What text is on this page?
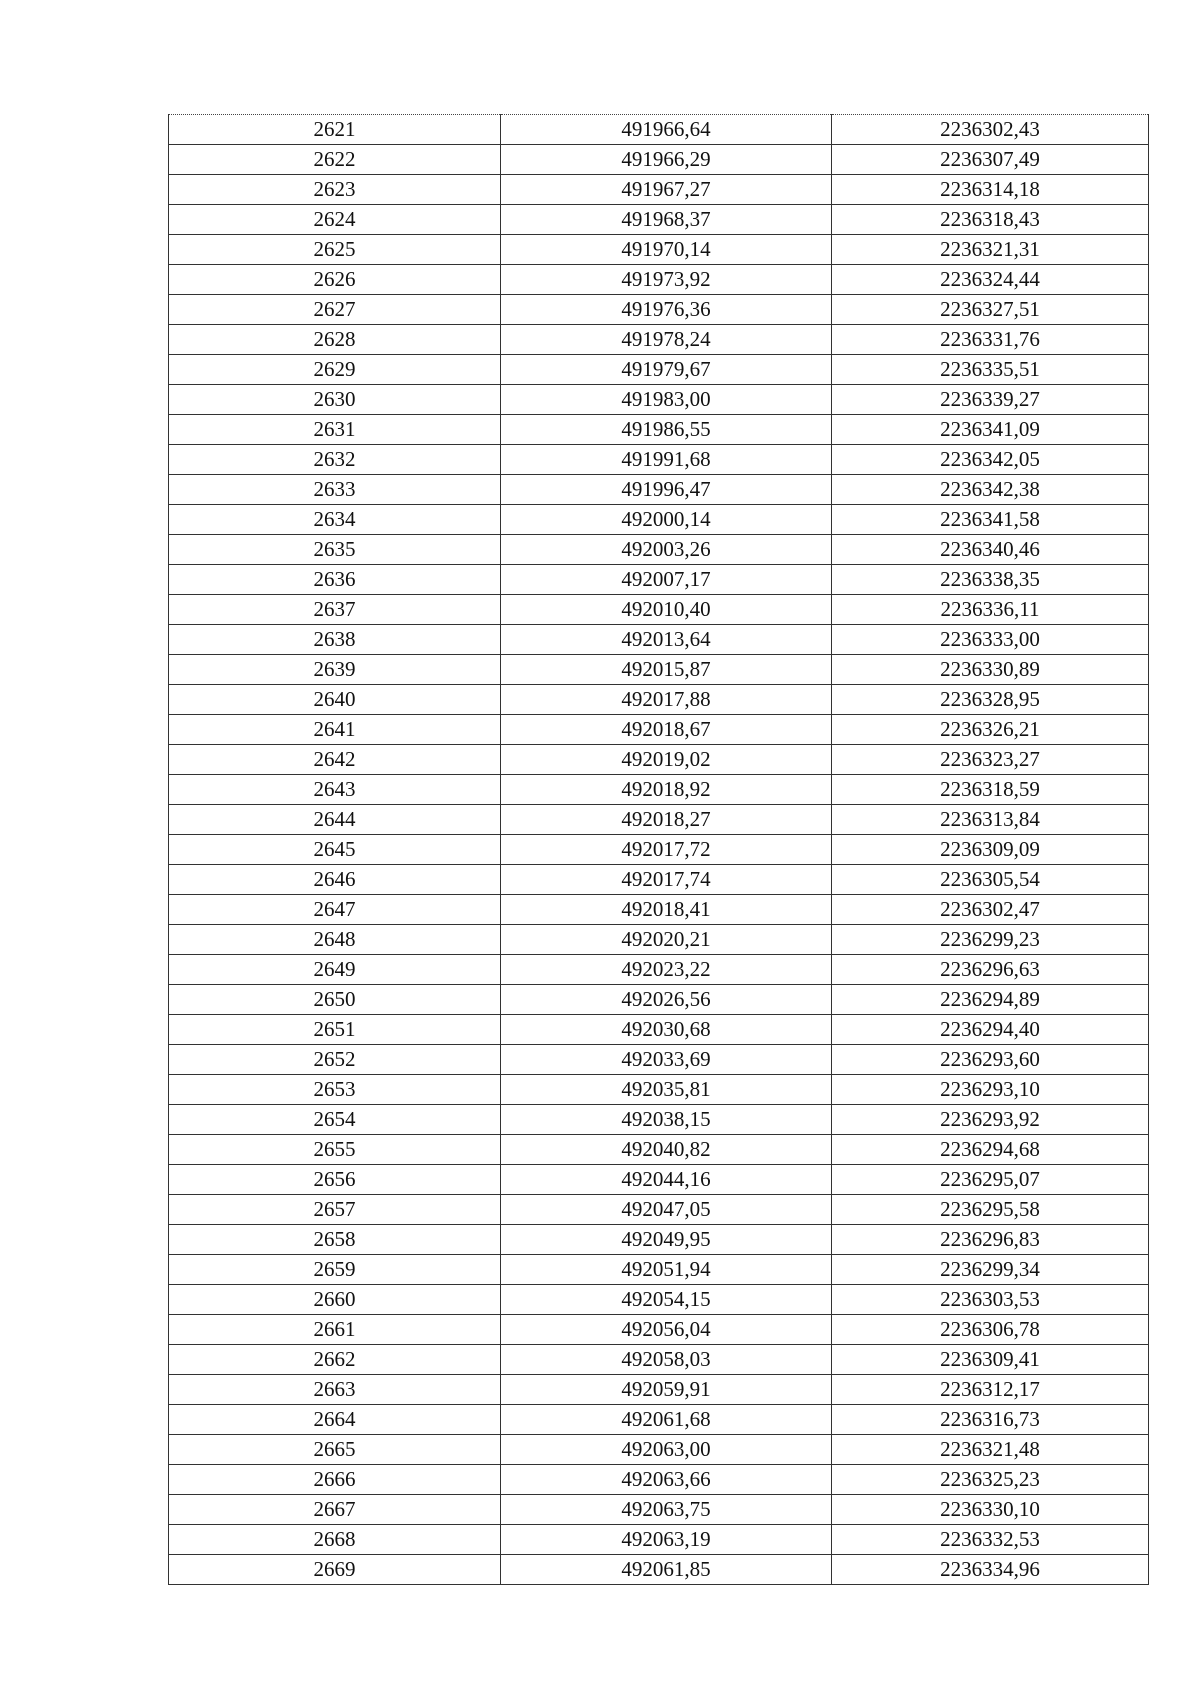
2621	491966,64	2236302,43
2622	491966,29	2236307,49
2623	491967,27	2236314,18
2624	491968,37	2236318,43
2625	491970,14	2236321,31
2626	491973,92	2236324,44
2627	491976,36	2236327,51
2628	491978,24	2236331,76
2629	491979,67	2236335,51
2630	491983,00	2236339,27
2631	491986,55	2236341,09
2632	491991,68	2236342,05
2633	491996,47	2236342,38
2634	492000,14	2236341,58
2635	492003,26	2236340,46
2636	492007,17	2236338,35
2637	492010,40	2236336,11
2638	492013,64	2236333,00
2639	492015,87	2236330,89
2640	492017,88	2236328,95
2641	492018,67	2236326,21
2642	492019,02	2236323,27
2643	492018,92	2236318,59
2644	492018,27	2236313,84
2645	492017,72	2236309,09
2646	492017,74	2236305,54
2647	492018,41	2236302,47
2648	492020,21	2236299,23
2649	492023,22	2236296,63
2650	492026,56	2236294,89
2651	492030,68	2236294,40
2652	492033,69	2236293,60
2653	492035,81	2236293,10
2654	492038,15	2236293,92
2655	492040,82	2236294,68
2656	492044,16	2236295,07
2657	492047,05	2236295,58
2658	492049,95	2236296,83
2659	492051,94	2236299,34
2660	492054,15	2236303,53
2661	492056,04	2236306,78
2662	492058,03	2236309,41
2663	492059,91	2236312,17
2664	492061,68	2236316,73
2665	492063,00	2236321,48
2666	492063,66	2236325,23
2667	492063,75	2236330,10
2668	492063,19	2236332,53
2669	492061,85	2236334,96
